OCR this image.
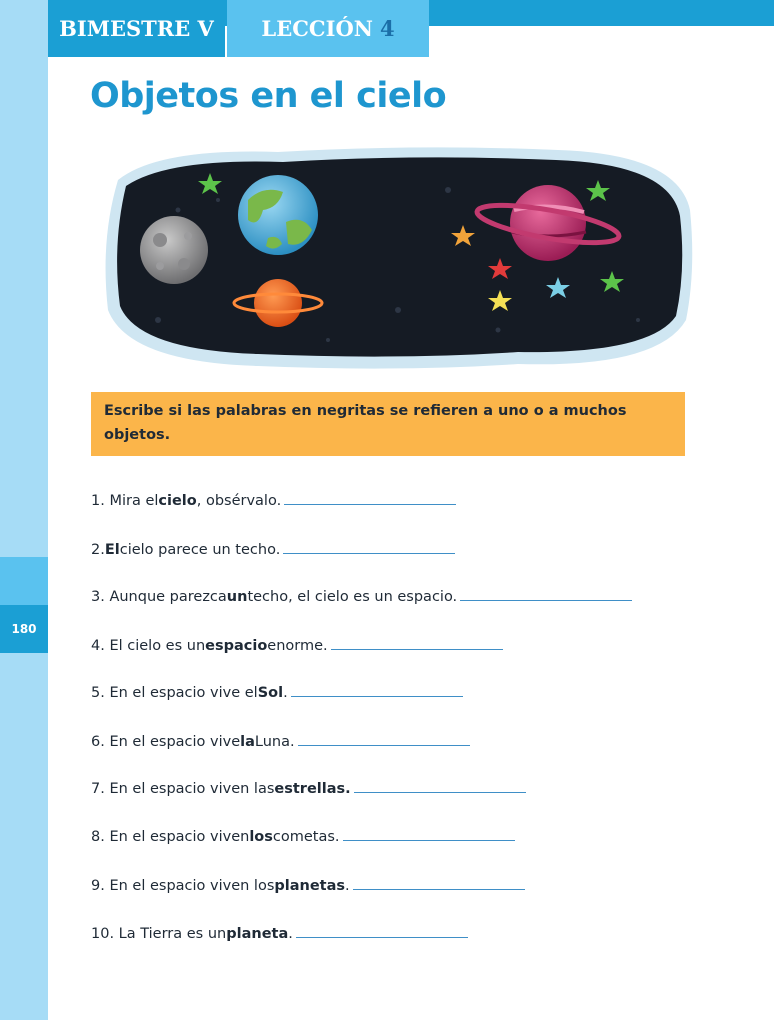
180
BIMESTRE V LECCIÓN 4
Objetos en el cielo
Escribe si las palabras en negritas se refieren a uno o a muchos objetos.
1. Mira el cielo , obsérvalo.
2. El cielo parece un techo.
3. Aunque parezca un techo, el cielo es un espacio.
4. El cielo es un espacio enorme.
5. En el espacio vive el Sol .
6. En el espacio vive la Luna.
7. En el espacio viven las estrellas.
8. En el espacio viven los cometas.
9. En el espacio viven los planetas .
10. La Tierra es un planeta .
